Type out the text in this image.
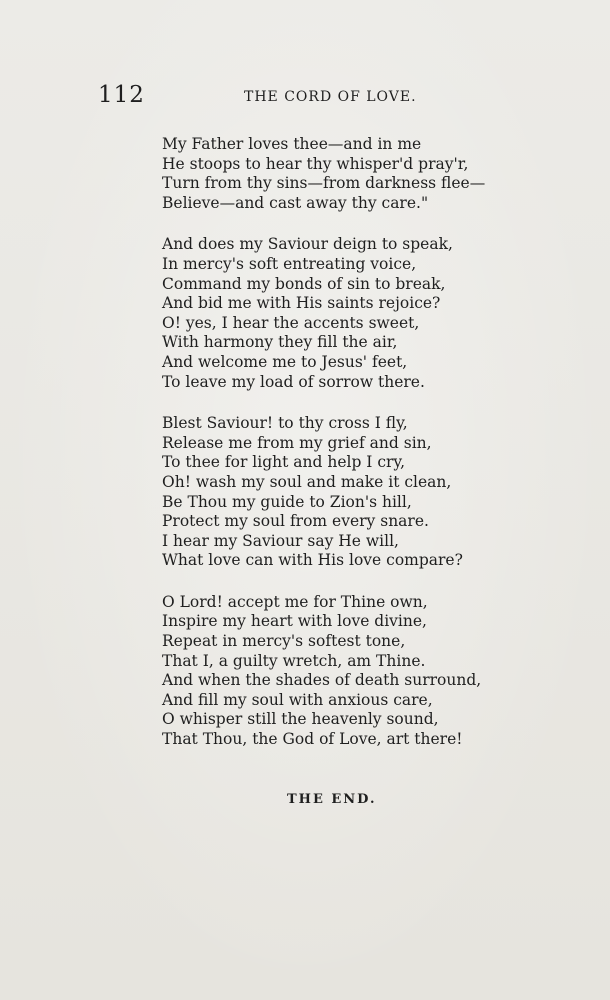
112	THE CORD OF LOVE.
My Father loves thee—and in me
He stoops to hear thy whisper'd pray'r,
Turn from thy sins—from darkness flee—
Believe—and cast away thy care."
And does my Saviour deign to speak,
In mercy's soft entreating voice,
Command my bonds of sin to break,
And bid me with His saints rejoice?
O! yes, I hear the accents sweet,
With harmony they fill the air,
And welcome me to Jesus' feet,
To leave my load of sorrow there.
Blest Saviour! to thy cross I fly,
Release me from my grief and sin,
To thee for light and help I cry,
Oh! wash my soul and make it clean,
Be Thou my guide to Zion's hill,
Protect my soul from every snare.
I hear my Saviour say He will,
What love can with His love compare?
O Lord! accept me for Thine own,
Inspire my heart with love divine,
Repeat in mercy's softest tone,
That I, a guilty wretch, am Thine.
And when the shades of death surround,
And fill my soul with anxious care,
O whisper still the heavenly sound,
That Thou, the God of Love, art there!
THE END.
